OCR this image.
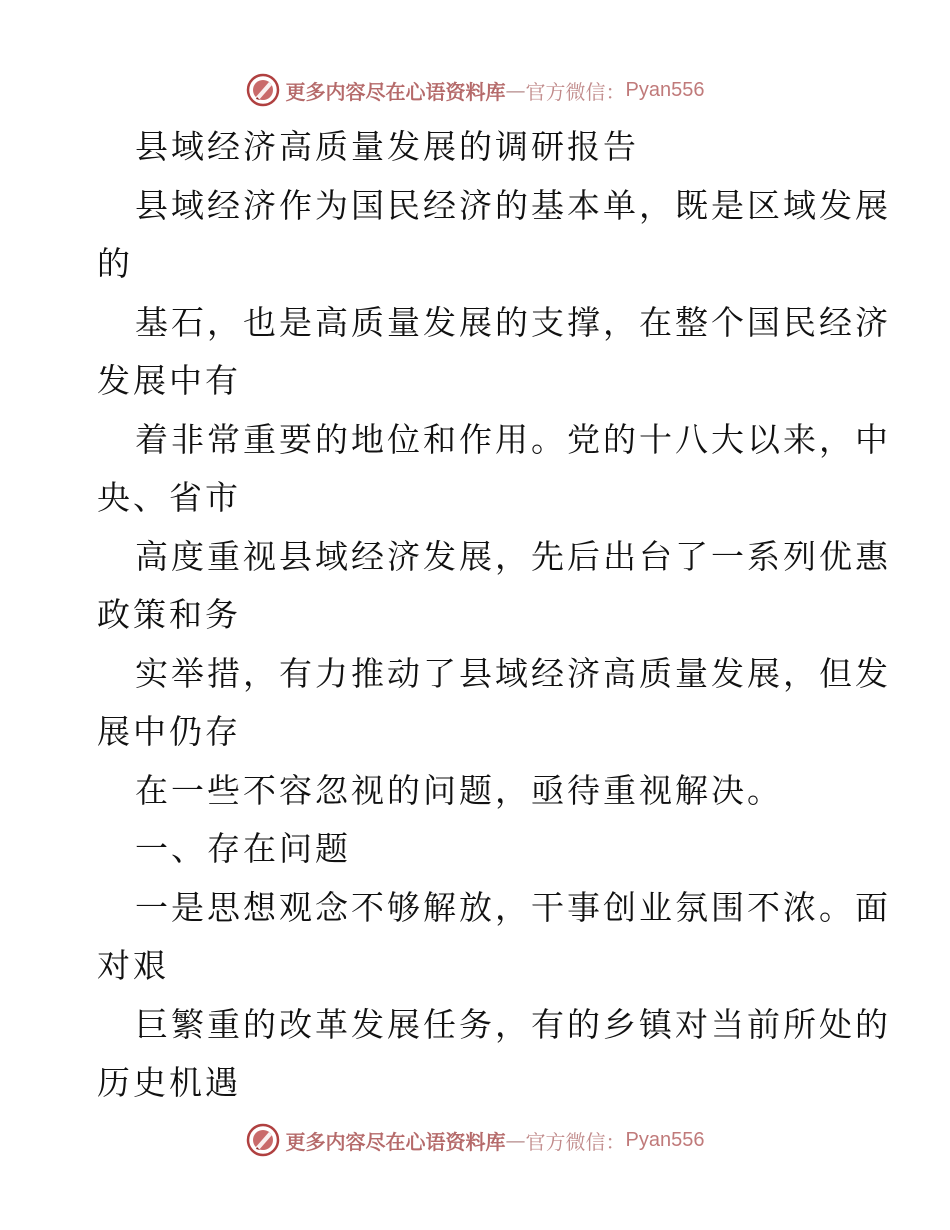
更多内容尽在心语资料库 — 官方微信： Pyan556
县域经济高质量发展的调研报告
县域经济作为国民经济的基本单，既是区域发展
的
基石，也是高质量发展的支撑，在整个国民经济
发展中有
着非常重要的地位和作用。党的十八大以来，中
央、省市
高度重视县域经济发展，先后出台了一系列优惠
政策和务
实举措，有力推动了县域经济高质量发展，但发
展中仍存
在一些不容忽视的问题，亟待重视解决。
一、存在问题
一是思想观念不够解放，干事创业氛围不浓。面
对艰
巨繁重的改革发展任务，有的乡镇对当前所处的
历史机遇
更多内容尽在心语资料库 — 官方微信： Pyan556
